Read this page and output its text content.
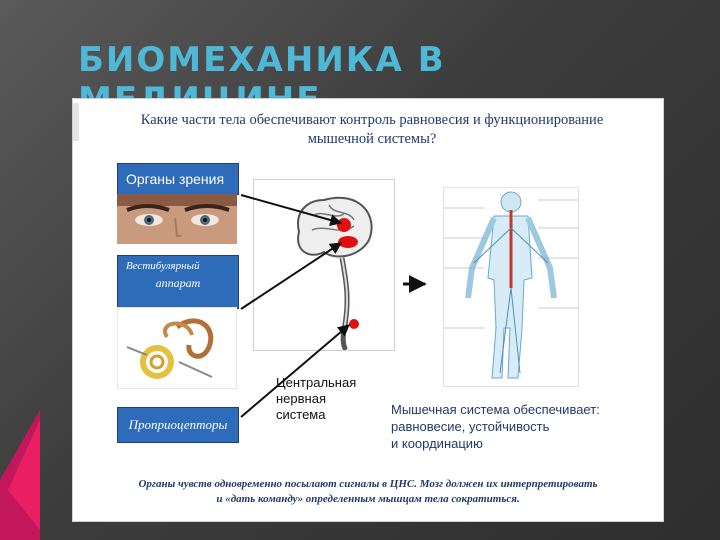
БИОМЕХАНИКА В
Какие части тела обеспечивают контроль равновесия и функционирование
мышечной системы?
Органы зрения
Вестибулярный
аппарат
Проприоцепторы
Центральная
нервная
система	Мышечная система обеспечивает:
равновесие, устойчивость
и координацию
Органы чувств одновременно посылают сигналы в ЦНС. Мозг должен их интерпретировать
и «дать команду» определенным мышцам тела сократиться.
